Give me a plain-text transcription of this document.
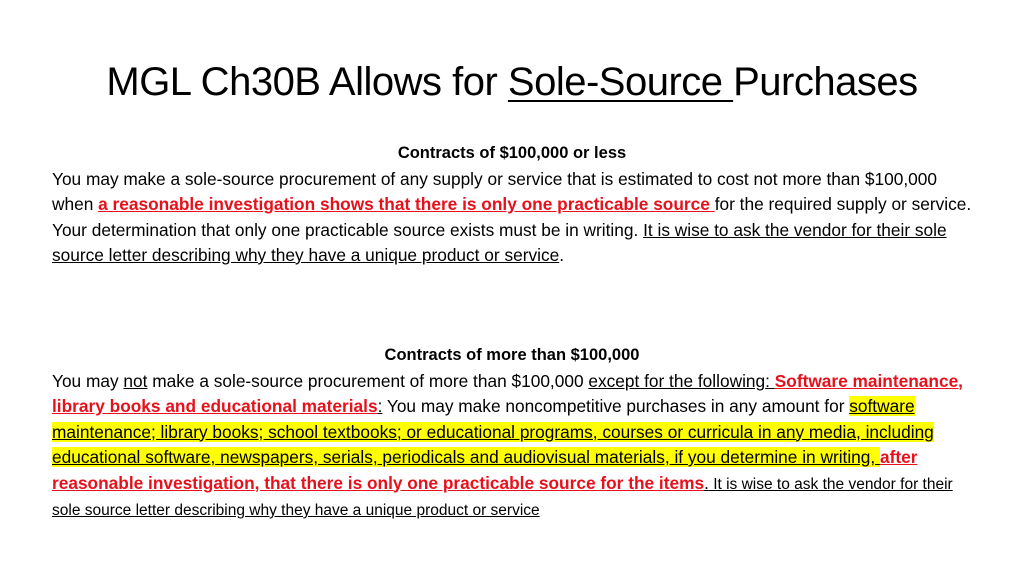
MGL Ch30B Allows for Sole-Source Purchases
Contracts of $100,000 or less
You may make a sole-source procurement of any supply or service that is estimated to cost not more than $100,000 when a reasonable investigation shows that there is only one practicable source for the required supply or service. Your determination that only one practicable source exists must be in writing. It is wise to ask the vendor for their sole source letter describing why they have a unique product or service.
Contracts of more than $100,000
You may not make a sole-source procurement of more than $100,000 except for the following: Software maintenance, library books and educational materials: You may make noncompetitive purchases in any amount for software maintenance; library books; school textbooks; or educational programs, courses or curricula in any media, including educational software, newspapers, serials, periodicals and audiovisual materials, if you determine in writing, after reasonable investigation, that there is only one practicable source for the items. It is wise to ask the vendor for their sole source letter describing why they have a unique product or service
